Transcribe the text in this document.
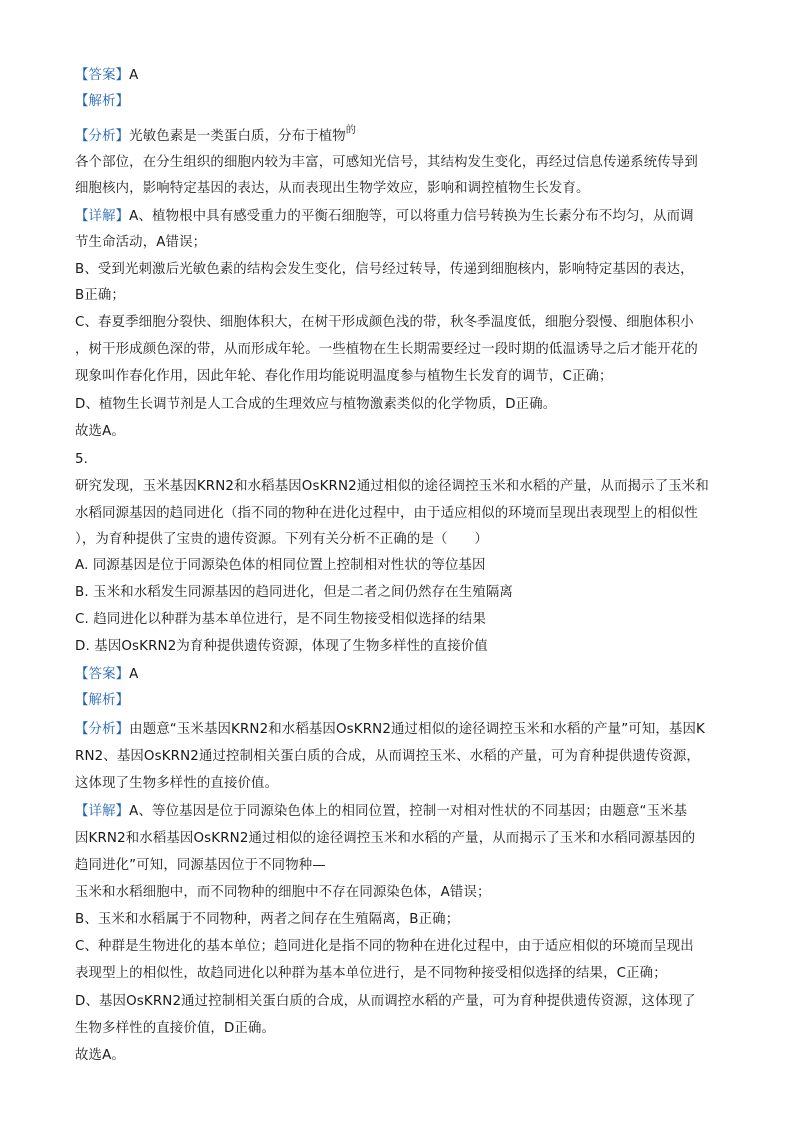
【答案】A
【解析】
【分析】光敏色素是一类蛋白质，分布于植物$^的$
各个部位，在分生组织的细胞内较为丰富，可感知光信号，其结构发生变化，再经过信息传递系统传导到
细胞核内，影响特定基因的表达，从而表现出生物学效应，影响和调控植物生长发育。
【详解】A、植物根中具有感受重力的平衡石细胞等，可以将重力信号转换为生长素分布不均匀，从而调
节生命活动，A错误；
B、受到光刺激后光敏色素的结构会发生变化，信号经过转导，传递到细胞核内，影响特定基因的表达，
B正确；
C、春夏季细胞分裂快、细胞体积大，在树干形成颜色浅的带，秋冬季温度低，细胞分裂慢、细胞体积小
，树干形成颜色深的带，从而形成年轮。一些植物在生长期需要经过一段时期的低温诱导之后才能开花的
现象叫作春化作用，因此年轮、春化作用均能说明温度参与植物生长发育的调节，C正确；
D、植物生长调节剂是人工合成的生理效应与植物激素类似的化学物质，D正确。
故选A。
5.
研究发现，玉米基因KRN2和水稻基因OsKRN2通过相似的途径调控玉米和水稻的产量，从而揭示了玉米和
水稻同源基因的趋同进化（指不同的物种在进化过程中，由于适应相似的环境而呈现出表现型上的相似性
），为育种提供了宝贵的遗传资源。下列有关分析不正确的是（　　）
A. 同源基因是位于同源染色体的相同位置上控制相对性状的等位基因
B. 玉米和水稻发生同源基因的趋同进化，但是二者之间仍然存在生殖隔离
C. 趋同进化以种群为基本单位进行，是不同生物接受相似选择的结果
D. 基因OsKRN2为育种提供遗传资源，体现了生物多样性的直接价值
【答案】A
【解析】
【分析】由题意“玉米基因KRN2和水稻基因OsKRN2通过相似的途径调控玉米和水稻的产量”可知，基因K
RN2、基因OsKRN2通过控制相关蛋白质的合成，从而调控玉米、水稻的产量，可为育种提供遗传资源，
这体现了生物多样性的直接价值。
【详解】A、等位基因是位于同源染色体上的相同位置，控制一对相对性状的不同基因；由题意“玉米基
因KRN2和水稻基因OsKRN2通过相似的途径调控玉米和水稻的产量，从而揭示了玉米和水稻同源基因的
趋同进化”可知，同源基因位于不同物种—
玉米和水稻细胞中，而不同物种的细胞中不存在同源染色体，A错误；
B、玉米和水稻属于不同物种，两者之间存在生殖隔离，B正确；
C、种群是生物进化的基本单位；趋同进化是指不同的物种在进化过程中，由于适应相似的环境而呈现出
表现型上的相似性，故趋同进化以种群为基本单位进行，是不同物种接受相似选择的结果，C正确；
D、基因OsKRN2通过控制相关蛋白质的合成，从而调控水稻的产量，可为育种提供遗传资源，这体现了
生物多样性的直接价值，D正确。
故选A。
